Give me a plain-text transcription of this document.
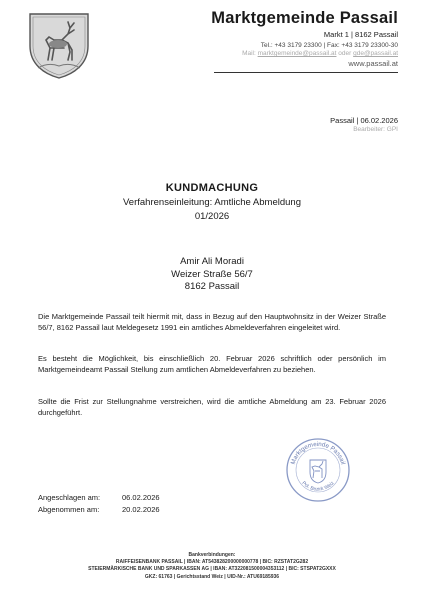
Marktgemeinde Passail
Markt 1 | 8162 Passail
Tel.: +43 3179 23300 | Fax: +43 3179 23300-30
Mail: marktgemeinde@passail.at oder gde@passail.at
www.passail.at
Passail | 06.02.2026
Bearbeiter: GPI
KUNDMACHUNG
Verfahrenseinleitung: Amtliche Abmeldung
01/2026
Amir Ali Moradi
Weizer Straße 56/7
8162 Passail
Die Marktgemeinde Passail teilt hiermit mit, dass in Bezug auf den Hauptwohnsitz in der Weizer Straße 56/7, 8162 Passail laut Meldegesetz 1991 ein amtliches Abmeldeverfahren eingeleitet wird.
Es besteht die Möglichkeit, bis einschließlich 20. Februar 2026 schriftlich oder persönlich im Marktgemeindeamt Passail Stellung zum amtlichen Abmeldeverfahren zu beziehen.
Sollte die Frist zur Stellungnahme verstreichen, wird die amtliche Abmeldung am 23. Februar 2026 durchgeführt.
Marktgemeinde Passail
Pol. Bezirk Weiz
Angeschlagen am:	06.02.2026
Abgenommen am:	20.02.2026
Bankverbindungen:
RAIFFEISENBANK PASSAIL | IBAN: AT543828200000000778 | BIC: RZSTAT2G282
STEIERMÄRKISCHE BANK UND SPARKASSEN AG | IBAN: AT322081500004353112 | BIC: STSPAT2GXXX
GKZ: 61763 | Gerichtsstand Weiz | UID-Nr.: ATU69185936
